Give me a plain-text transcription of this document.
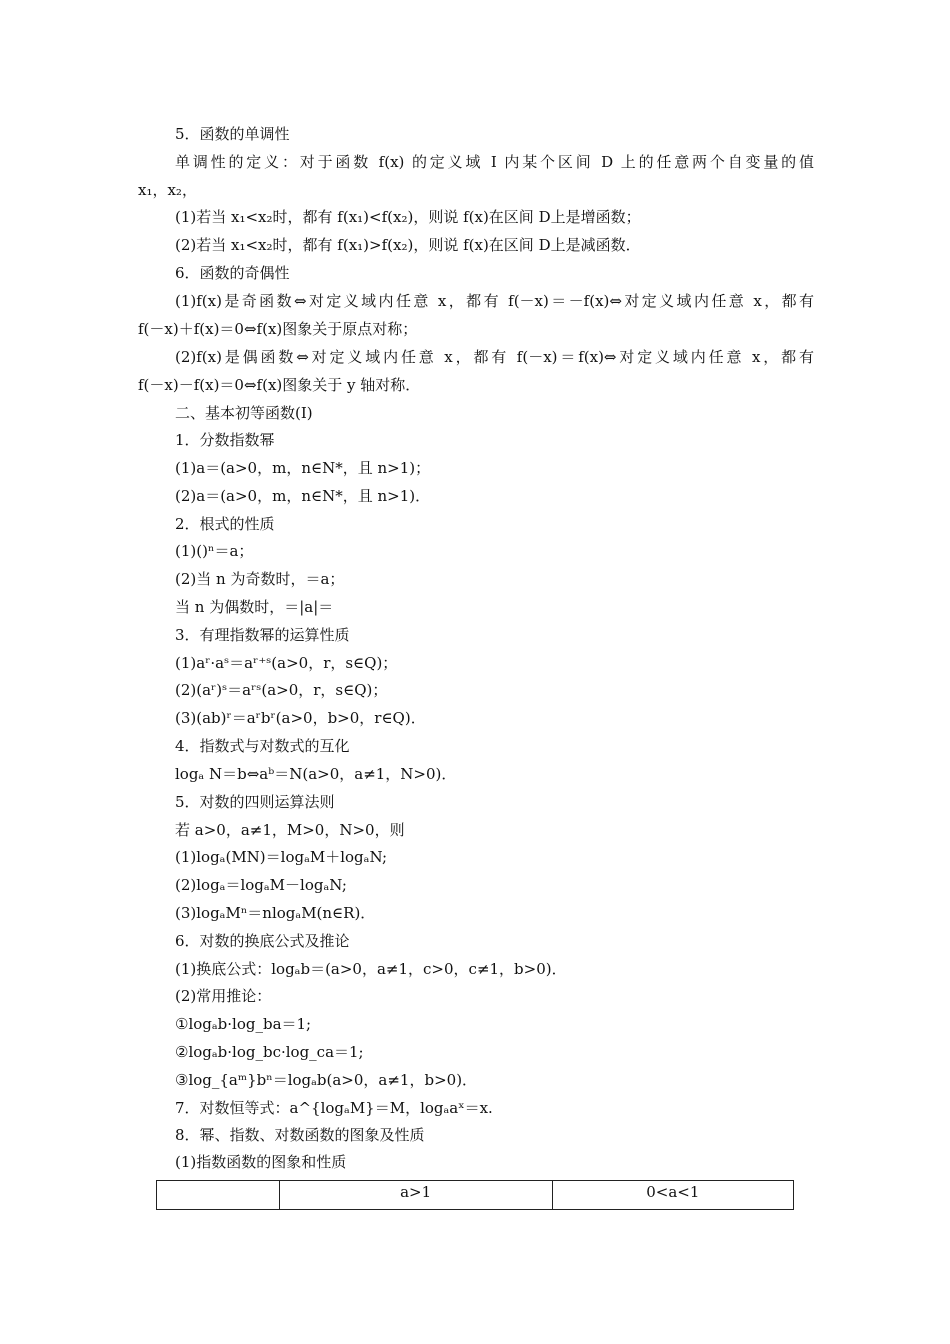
5．函数的单调性
单调性的定义：对于函数 f(x) 的定义域 I 内某个区间 D 上的任意两个自变量的值
x₁，x₂，
(1)若当 x₁<x₂时，都有 f(x₁)<f(x₂)，则说 f(x)在区间 D上是增函数；
(2)若当 x₁<x₂时，都有 f(x₁)>f(x₂)，则说 f(x)在区间 D上是减函数．
6．函数的奇偶性
(1)f(x)是奇函数⇔对定义域内任意 x，都有 f(－x)＝－f(x)⇔对定义域内任意 x，都有
f(－x)＋f(x)＝0⇔f(x)图象关于原点对称；
(2)f(x)是偶函数⇔对定义域内任意 x，都有 f(－x)＝f(x)⇔对定义域内任意 x，都有
f(－x)－f(x)＝0⇔f(x)图象关于 y 轴对称．
二、基本初等函数(Ⅰ)
1．分数指数幂
(1)a＝(a>0，m，n∈N*，且 n>1)；
(2)a＝(a>0，m，n∈N*，且 n>1)．
2．根式的性质
(1)()ⁿ＝a；
(2)当 n 为奇数时，＝a；
当 n 为偶数时，＝|a|＝
3．有理指数幂的运算性质
(1)aʳ·aˢ＝aʳ⁺ˢ(a>0，r，s∈Q)；
(2)(aʳ)ˢ＝aʳˢ(a>0，r，s∈Q)；
(3)(ab)ʳ＝aʳbʳ(a>0，b>0，r∈Q)．
4．指数式与对数式的互化
logₐ N＝b⇔aᵇ＝N(a>0，a≠1，N>0)．
5．对数的四则运算法则
若 a>0，a≠1，M>0，N>0，则
(1)logₐ(MN)＝logₐM＋logₐN;
(2)logₐ＝logₐM－logₐN;
(3)logₐMⁿ＝nlogₐM(n∈R)．
6．对数的换底公式及推论
(1)换底公式：logₐb＝(a>0，a≠1，c>0，c≠1，b>0)．
(2)常用推论：
①logₐb·log_ba＝1;
②logₐb·log_bc·log_ca＝1;
③log_{aᵐ}bⁿ＝logₐb(a>0，a≠1，b>0)．
7．对数恒等式：a^{logₐM}＝M，logₐaˣ＝x.
8．幂、指数、对数函数的图象及性质
(1)指数函数的图象和性质
	a>1	0<a<1
